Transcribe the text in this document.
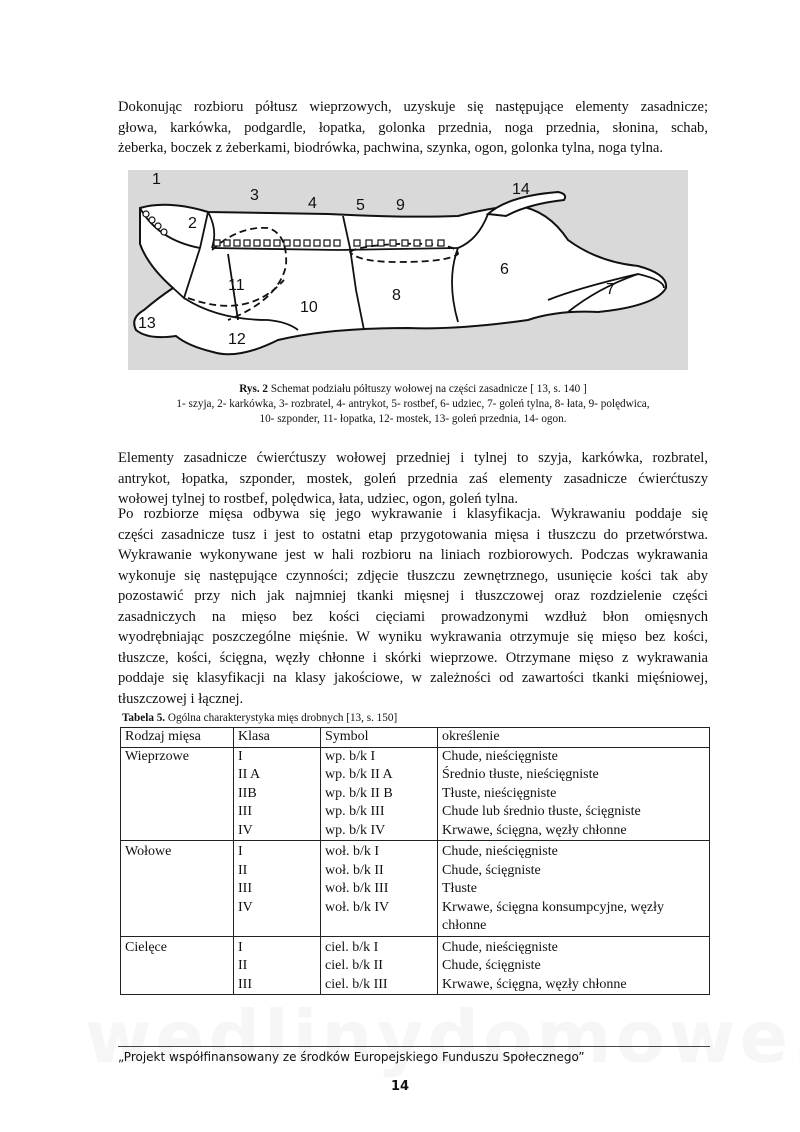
Dokonując rozbioru półtusz wieprzowych, uzyskuje się następujące elementy zasadnicze;
głowa, karkówka, podgardle, łopatka, golonka przednia, noga przednia, słonina, schab,
żeberka, boczek z żeberkami, biodrówka, pachwina, szynka, ogon, golonka tylna, noga tylna.

1
2
3	4 5 9
14
6
7
11
10
8
13
12
Rys. 2 Schemat podziału półtuszy wołowej na części zasadnicze [ 13, s. 140 ]
1- szyja, 2- karkówka, 3- rozbratel, 4- antrykot, 5- rostbef, 6- udziec, 7- goleń tylna, 8- łata, 9- polędwica,
10- szponder, 11- łopatka, 12- mostek, 13- goleń przednia, 14- ogon.

Elementy zasadnicze ćwierćtuszy wołowej przedniej i tylnej to szyja, karkówka, rozbratel,
antrykot, łopatka, szponder, mostek, goleń przednia zaś elementy zasadnicze ćwierćtuszy
wołowej tylnej to rostbef, polędwica, łata, udziec, ogon, goleń tylna.

Po rozbiorze mięsa odbywa się jego wykrawanie i klasyfikacja. Wykrawaniu poddaje się
części zasadnicze tusz i jest to ostatni etap przygotowania mięsa i tłuszczu do przetwórstwa.
Wykrawanie wykonywane jest w hali rozbioru na liniach rozbiorowych. Podczas wykrawania
wykonuje się następujące czynności; zdjęcie tłuszczu zewnętrznego, usunięcie kości tak aby
pozostawić przy nich jak najmniej tkanki mięsnej i tłuszczowej oraz rozdzielenie części
zasadniczych na mięso bez kości cięciami prowadzonymi wzdłuż błon omięsnych
wyodrębniając poszczególne mięśnie. W wyniku wykrawania otrzymuje się mięso bez kości,
tłuszcze, kości, ścięgna, węzły chłonne i skórki wieprzowe. Otrzymane mięso z wykrawania
poddaje się klasyfikacji na klasy jakościowe, w zależności od zawartości tkanki mięśniowej,
tłuszczowej i łącznej.

Tabela 5. Ogólna charakterystyka mięs drobnych [13, s. 150]
Rodzaj mięsa	Klasa	Symbol	określenie
Wieprzowe	I	wp. b/k I	Chude, nieścięgniste
	II A	wp. b/k II A	Średnio tłuste, nieścięgniste
	IIB	wp. b/k II B	Tłuste, nieścięgniste
	III	wp. b/k III	Chude lub średnio tłuste, ścięgniste
	IV	wp. b/k IV	Krwawe, ścięgna, węzły chłonne
Wołowe	I	woł. b/k I	Chude, nieścięgniste
	II	woł. b/k II	Chude, ścięgniste
	III	woł. b/k III	Tłuste
	IV	woł. b/k IV	Krwawe, ścięgna konsumpcyjne, węzły chłonne
Cielęce	I	ciel. b/k I	Chude, nieścięgniste
	II	ciel. b/k II	Chude, ścięgniste
	III	ciel. b/k III	Krwawe, ścięgna, węzły chłonne
„Projekt współfinansowany ze środków Europejskiego Funduszu Społecznego”
14
